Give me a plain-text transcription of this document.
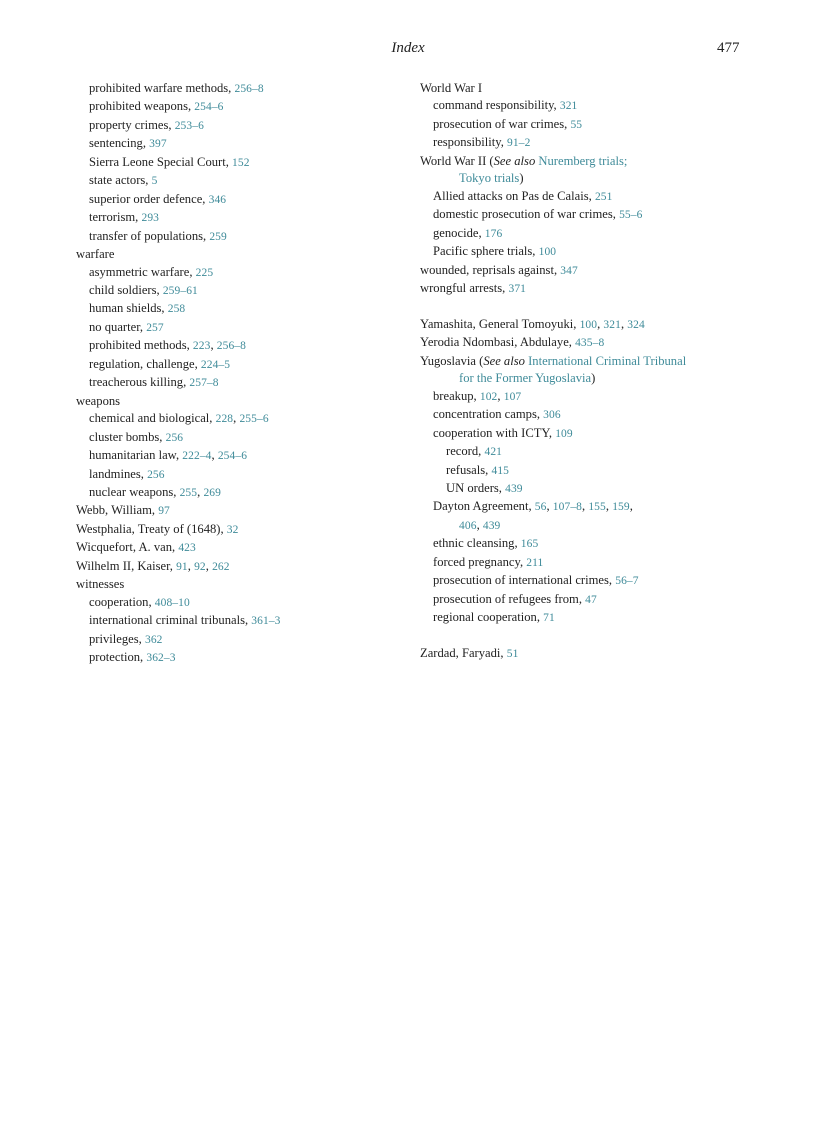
Index	477
prohibited warfare methods, 256–8
prohibited weapons, 254–6
property crimes, 253–6
sentencing, 397
Sierra Leone Special Court, 152
state actors, 5
superior order defence, 346
terrorism, 293
transfer of populations, 259
warfare
asymmetric warfare, 225
child soldiers, 259–61
human shields, 258
no quarter, 257
prohibited methods, 223, 256–8
regulation, challenge, 224–5
treacherous killing, 257–8
weapons
chemical and biological, 228, 255–6
cluster bombs, 256
humanitarian law, 222–4, 254–6
landmines, 256
nuclear weapons, 255, 269
Webb, William, 97
Westphalia, Treaty of (1648), 32
Wicquefort, A. van, 423
Wilhelm II, Kaiser, 91, 92, 262
witnesses
cooperation, 408–10
international criminal tribunals, 361–3
privileges, 362
protection, 362–3
World War I
command responsibility, 321
prosecution of war crimes, 55
responsibility, 91–2
World War II (See also Nuremberg trials;
Tokyo trials)
Allied attacks on Pas de Calais, 251
domestic prosecution of war crimes, 55–6
genocide, 176
Pacific sphere trials, 100
wounded, reprisals against, 347
wrongful arrests, 371
Yamashita, General Tomoyuki, 100, 321, 324
Yerodia Ndombasi, Abdulaye, 435–8
Yugoslavia (See also International Criminal Tribunal
for the Former Yugoslavia)
breakup, 102, 107
concentration camps, 306
cooperation with ICTY, 109
record, 421
refusals, 415
UN orders, 439
Dayton Agreement, 56, 107–8, 155, 159,
406, 439
ethnic cleansing, 165
forced pregnancy, 211
prosecution of international crimes, 56–7
prosecution of refugees from, 47
regional cooperation, 71
Zardad, Faryadi, 51
